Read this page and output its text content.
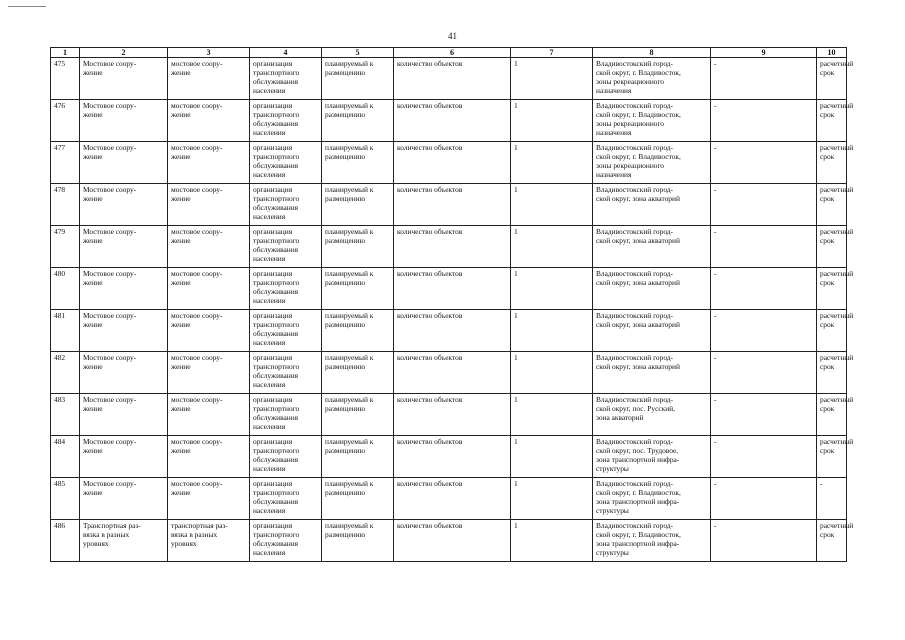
41
1	2	3	4	5	6	7	8	9	10
475	Мостовое соору-
жение	мостовое соору-
жение	организация
транспортного
обслуживания
населения	планируемый к
размещению	количество объектов	1	Владивостокский город-
ской округ, г. Владивосток,
зоны рекреационного
назначения	-	расчетный
срок
476	Мостовое соору-
жение	мостовое соору-
жение	организация
транспортного
обслуживания
населения	планируемый к
размещению	количество объектов	1	Владивостокский город-
ской округ, г. Владивосток,
зоны рекреационного
назначения	-	расчетный
срок
477	Мостовое соору-
жение	мостовое соору-
жение	организация
транспортного
обслуживания
населения	планируемый к
размещению	количество объектов	1	Владивостокский город-
ской округ, г. Владивосток,
зоны рекреационного
назначения	-	расчетный
срок
478	Мостовое соору-
жение	мостовое соору-
жение	организация
транспортного
обслуживания
населения	планируемый к
размещению	количество объектов	1	Владивостокский город-
ской округ, зона акваторий	-	расчетный
срок
479	Мостовое соору-
жение	мостовое соору-
жение	организация
транспортного
обслуживания
населения	планируемый к
размещению	количество объектов	1	Владивостокский город-
ской округ, зона акваторий	-	расчетный
срок
480	Мостовое соору-
жение	мостовое соору-
жение	организация
транспортного
обслуживания
населения	планируемый к
размещению	количество объектов	1	Владивостокский город-
ской округ, зона акваторий	-	расчетный
срок
481	Мостовое соору-
жение	мостовое соору-
жение	организация
транспортного
обслуживания
населения	планируемый к
размещению	количество объектов	1	Владивостокский город-
ской округ, зона акваторий	-	расчетный
срок
482	Мостовое соору-
жение	мостовое соору-
жение	организация
транспортного
обслуживания
населения	планируемый к
размещению	количество объектов	1	Владивостокский город-
ской округ, зона акваторий	-	расчетный
срок
483	Мостовое соору-
жение	мостовое соору-
жение	организация
транспортного
обслуживания
населения	планируемый к
размещению	количество объектов	1	Владивостокский город-
ской округ, пос. Русский,
зона акваторий	-	расчетный
срок
484	Мостовое соору-
жение	мостовое соору-
жение	организация
транспортного
обслуживания
населения	планируемый к
размещению	количество объектов	1	Владивостокский город-
ской округ, пос. Трудовое,
зона транспортной инфра-
структуры	-	расчетный
срок
485	Мостовое соору-
жение	мостовое соору-
жение	организация
транспортного
обслуживания
населения	планируемый к
размещению	количество объектов	1	Владивостокский город-
ской округ, г. Владивосток,
зона транспортной инфра-
структуры	-	-
486	Транспортная раз-
вязка в разных
уровнях	транспортная раз-
вязка в разных
уровнях	организация
транспортного
обслуживания
населения	планируемый к
размещению	количество объектов	1	Владивостокский город-
ской округ, г. Владивосток,
зона транспортной инфра-
структуры	-	расчетный
срок
